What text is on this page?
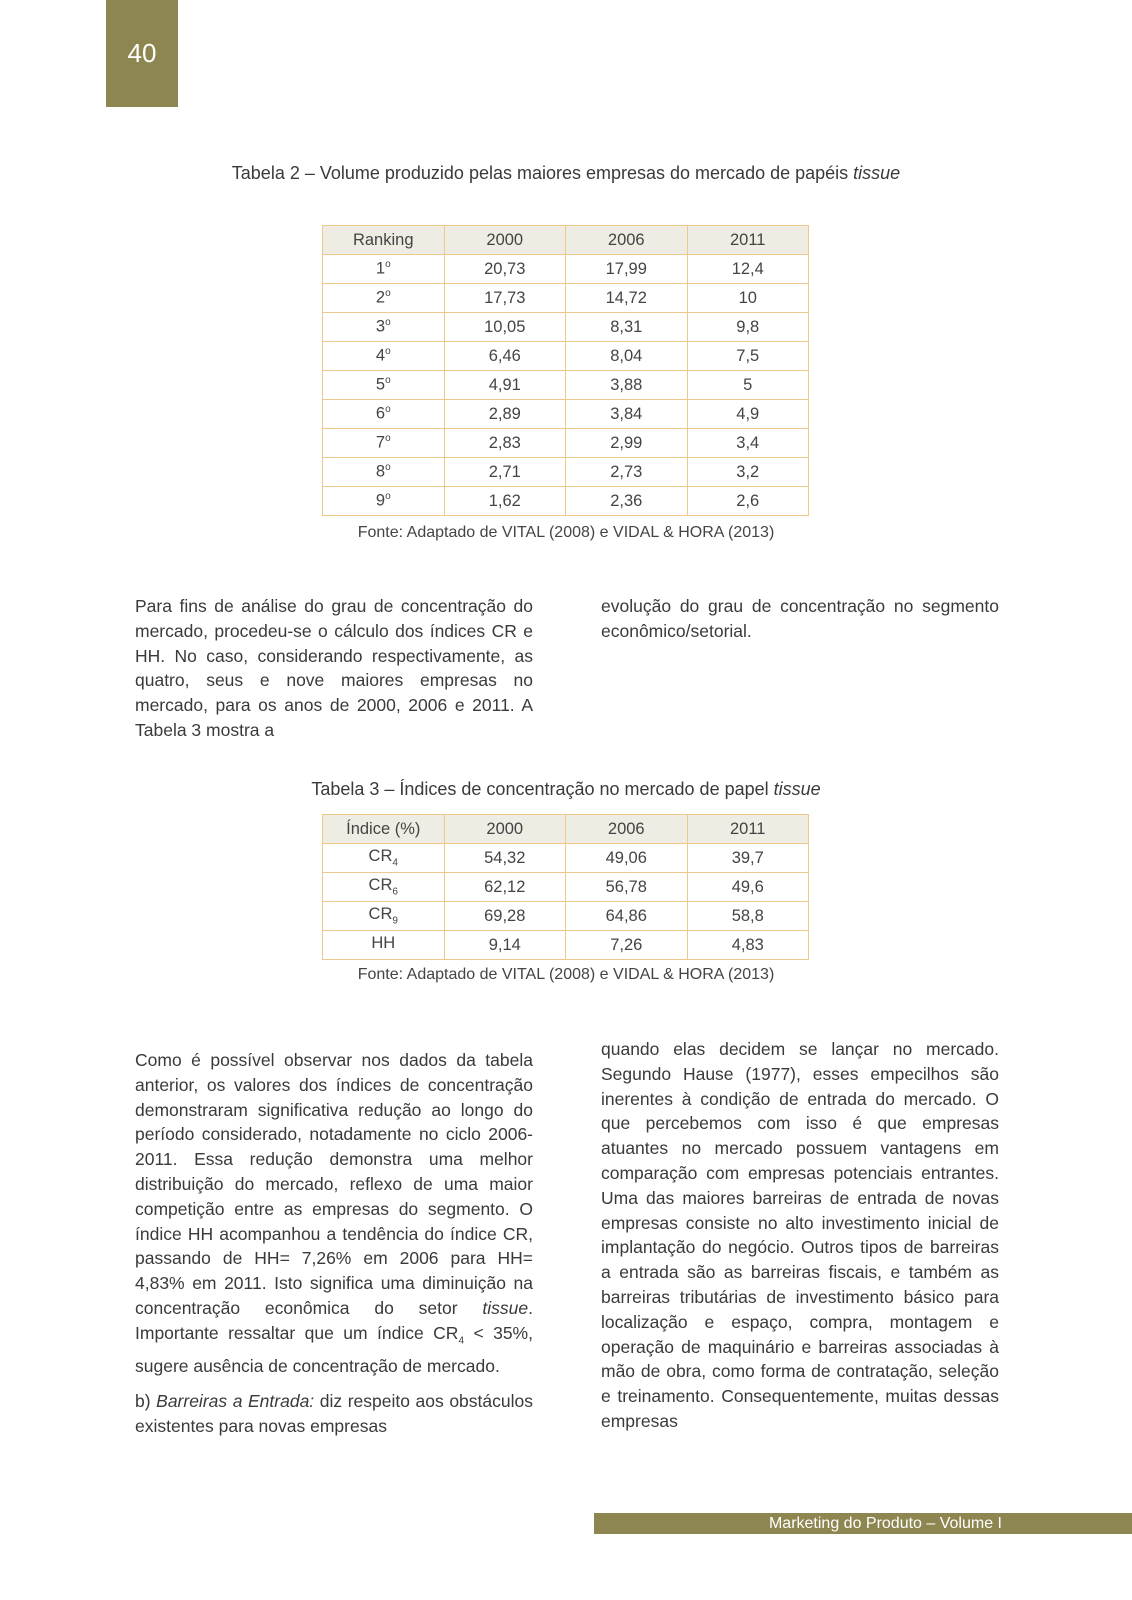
40
Tabela 2 – Volume produzido pelas maiores empresas do mercado de papéis tissue
Ranking	2000	2006	2011
1$^o$	20,73	17,99	12,4
2$^o$	17,73	14,72	10
3$^o$	10,05	8,31	9,8
4$^o$	6,46	8,04	7,5
5$^o$	4,91	3,88	5
6$^o$	2,89	3,84	4,9
7$^o$	2,83	2,99	3,4
8$^o$	2,71	2,73	3,2
9$^o$	1,62	2,36	2,6
Fonte: Adaptado de VITAL (2008) e VIDAL & HORA (2013)

Para fins de análise do grau de concentração do mercado, procedeu-se o cálculo dos índices CR e HH. No caso, considerando respectivamente, as quatro, seus e nove maiores empresas no mercado, para os anos de 2000, 2006 e 2011. A Tabela 3 mostra a

evolução do grau de concentração no segmento econômico/setorial.

Tabela 3 – Índices de concentração no mercado de papel tissue
Índice (%)	2000	2006	2011
$CR_4$	54,32	49,06	39,7
$CR_6$	62,12	56,78	49,6
$CR_9$	69,28	64,86	58,8
HH	9,14	7,26	4,83
Fonte: Adaptado de VITAL (2008) e VIDAL & HORA (2013)

Como é possível observar nos dados da tabela anterior, os valores dos índices de concentração demonstraram significativa redução ao longo do período considerado, notadamente no ciclo 2006-2011. Essa redução demonstra uma melhor distribuição do mercado, reflexo de uma maior competição entre as empresas do segmento. O índice HH acompanhou a tendência do índice CR, passando de HH= 7,26% em 2006 para HH= 4,83% em 2011. Isto significa uma diminuição na concentração econômica do setor tissue. Importante ressaltar que um índice $CR_4 < 35\%$, sugere ausência de concentração de mercado.

b) Barreiras a Entrada: diz respeito aos obstáculos existentes para novas empresas

quando elas decidem se lançar no mercado. Segundo Hause (1977), esses empecilhos são inerentes à condição de entrada do mercado. O que percebemos com isso é que empresas atuantes no mercado possuem vantagens em comparação com empresas potenciais entrantes. Uma das maiores barreiras de entrada de novas empresas consiste no alto investimento inicial de implantação do negócio. Outros tipos de barreiras a entrada são as barreiras fiscais, e também as barreiras tributárias de investimento básico para localização e espaço, compra, montagem e operação de maquinário e barreiras associadas à mão de obra, como forma de contratação, seleção e treinamento. Consequentemente, muitas dessas empresas

Marketing do Produto – Volume I
